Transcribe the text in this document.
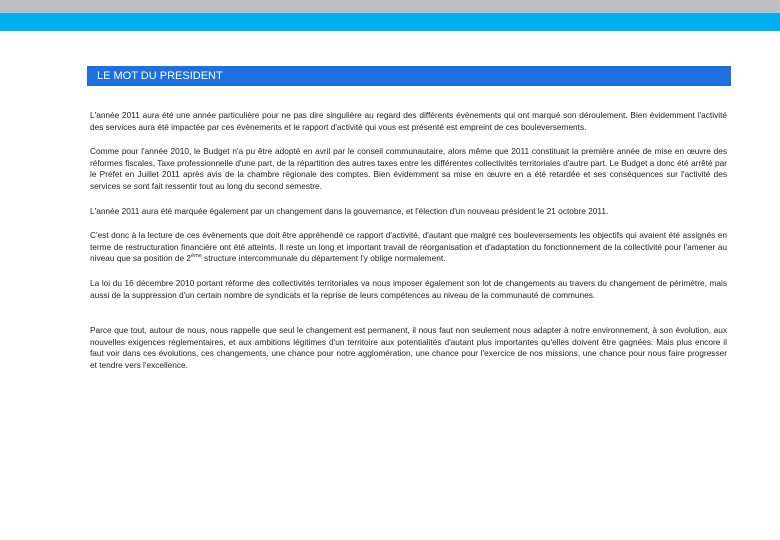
LE MOT DU PRESIDENT

L'année 2011 aura été une année particulière pour ne pas dire singulière au regard des différents évènements qui ont marqué son déroulement. Bien évidemment l'activité des services aura été impactée par ces évènements et le rapport d'activité qui vous est présenté est empreint de ces bouleversements.

Comme pour l'année 2010, le Budget n'a pu être adopté en avril par le conseil communautaire, alors même que 2011 constituait la première année de mise en œuvre des réformes fiscales, Taxe professionnelle d'une part, de la répartition des autres taxes entre les différentes collectivités territoriales d'autre part. Le Budget a donc été arrêté par le Préfet en Juillet 2011 après avis de la chambre régionale des comptes. Bien évidemment sa mise en œuvre en a été retardée et ses conséquences sur l'activité des services se sont fait ressentir tout au long du second semestre.

L'année 2011 aura été marquée également par un changement dans la gouvernance, et l'élection d'un nouveau président le 21 octobre 2011.

C'est donc à la lecture de ces évènements que doit être appréhendé ce rapport d'activité, d'autant que malgré ces bouleversements les objectifs qui avaient été assignés en terme de restructuration financière ont été atteints. Il reste un long et important travail de réorganisation et d'adaptation du fonctionnement de la collectivité pour l'amener au niveau que sa position de 2ème structure intercommunale du département l'y oblige normalement.

La loi du 16 décembre 2010 portant réforme des collectivités territoriales va nous imposer également son lot de changements au travers du changement de périmètre, mais aussi de la suppression d'un certain nombre de syndicats et la reprise de leurs compétences au niveau de la communauté de communes.

Parce que tout, autour de nous, nous rappelle que seul le changement est permanent, il nous faut non seulement nous adapter à notre environnement, à son évolution, aux nouvelles exigences réglementaires, et aux ambitions légitimes d'un territoire aux potentialités d'autant plus importantes qu'elles doivent être gagnées. Mais plus encore il faut voir dans ces évolutions, ces changements, une chance pour notre agglomération, une chance pour l'exercice de nos missions, une chance pour nous faire progresser et tendre vers l'excellence.
